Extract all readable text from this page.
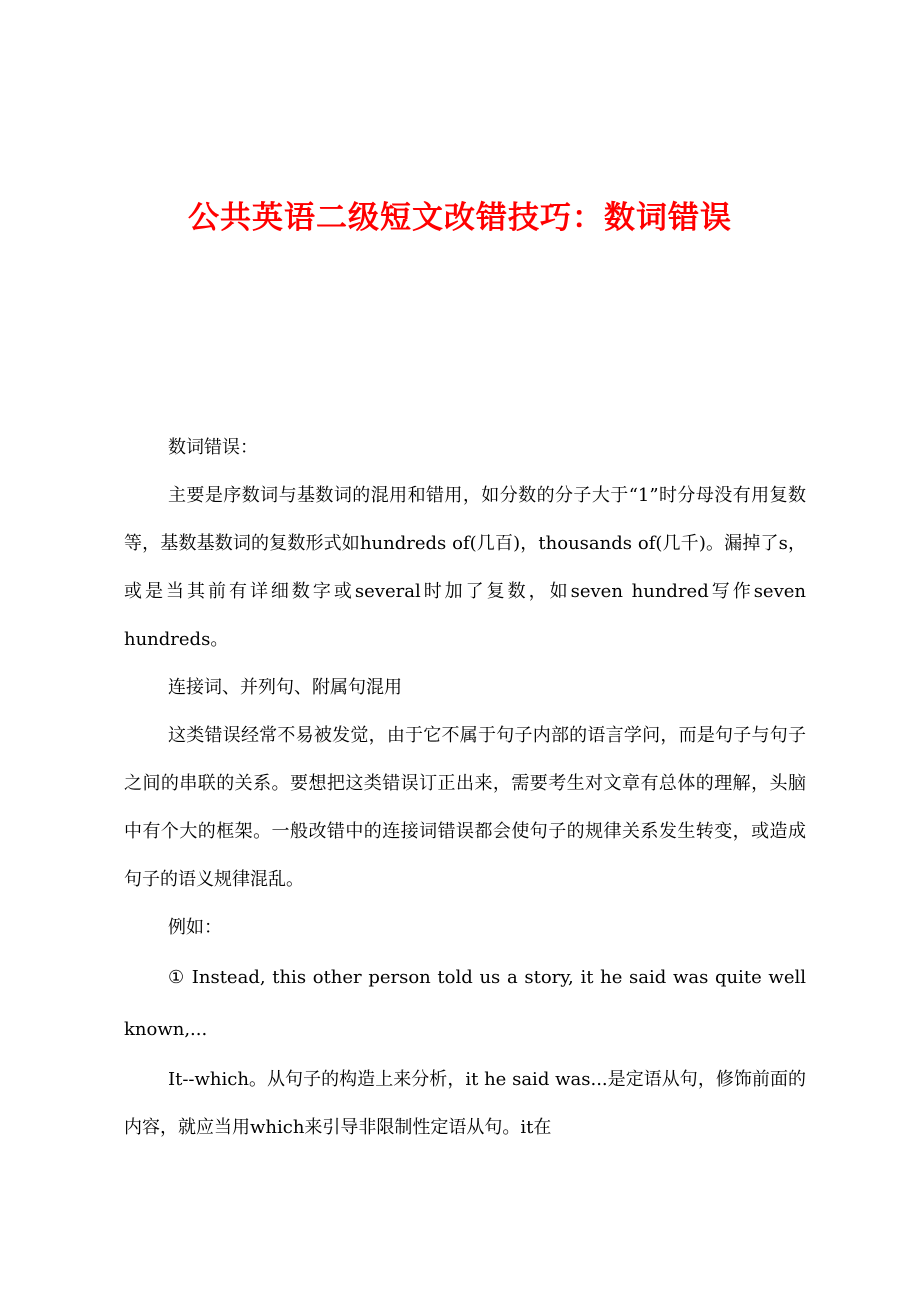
公共英语二级短文改错技巧：数词错误

数词错误：

主要是序数词与基数词的混用和错用，如分数的分子大于“1”时分母没有用复数等，基数基数词的复数形式如hundreds of(几百)，thousands of(几千)。漏掉了s，或是当其前有详细数字或several时加了复数，如seven hundred写作seven hundreds。

连接词、并列句、附属句混用

这类错误经常不易被发觉，由于它不属于句子内部的语言学问，而是句子与句子之间的串联的关系。要想把这类错误订正出来，需要考生对文章有总体的理解，头脑中有个大的框架。一般改错中的连接词错误都会使句子的规律关系发生转变，或造成句子的语义规律混乱。

例如：

① Instead, this other person told us a story, it he said was quite well known,...

It--which。从句子的构造上来分析，it he said was...是定语从句，修饰前面的内容，就应当用which来引导非限制性定语从句。it在
